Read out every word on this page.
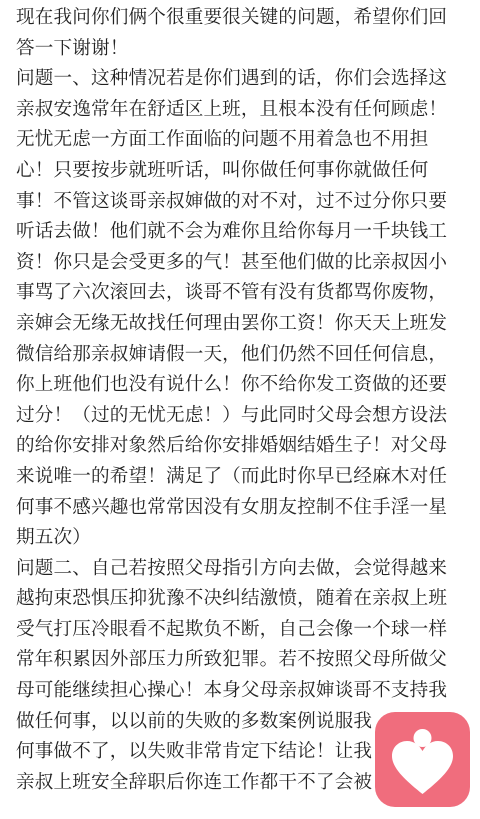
现在我问你们俩个很重要很关键的问题，希望你们回
答一下谢谢！
问题一、这种情况若是你们遇到的话，你们会选择这
亲叔安逸常年在舒适区上班，且根本没有任何顾虑！
无忧无虑一方面工作面临的问题不用着急也不用担
心！只要按步就班听话，叫你做任何事你就做任何
事！不管这谈哥亲叔婶做的对不对，过不过分你只要
听话去做！他们就不会为难你且给你每月一千块钱工
资！你只是会受更多的气！甚至他们做的比亲叔因小
事骂了六次滚回去，谈哥不管有没有货都骂你废物，
亲婶会无缘无故找任何理由罢你工资！你天天上班发
微信给那亲叔婶请假一天，他们仍然不回任何信息，
你上班他们也没有说什么！你不给你发工资做的还要
过分！（过的无忧无虑！）与此同时父母会想方设法
的给你安排对象然后给你安排婚姻结婚生子！对父母
来说唯一的希望！满足了（而此时你早已经麻木对任
何事不感兴趣也常常因没有女朋友控制不住手淫一星
期五次）
问题二、自己若按照父母指引方向去做，会觉得越来
越拘束恐惧压抑犹豫不决纠结激愤，随着在亲叔上班
受气打压冷眼看不起欺负不断，自己会像一个球一样
常年积累因外部压力所致犯罪。若不按照父母所做父
母可能继续担心操心！本身父母亲叔婶谈哥不支持我
做任何事，以以前的失败的多数案例说服我
何事做不了，以失败非常肯定下结论！让我
亲叔上班安全辞职后你连工作都干不了会被
